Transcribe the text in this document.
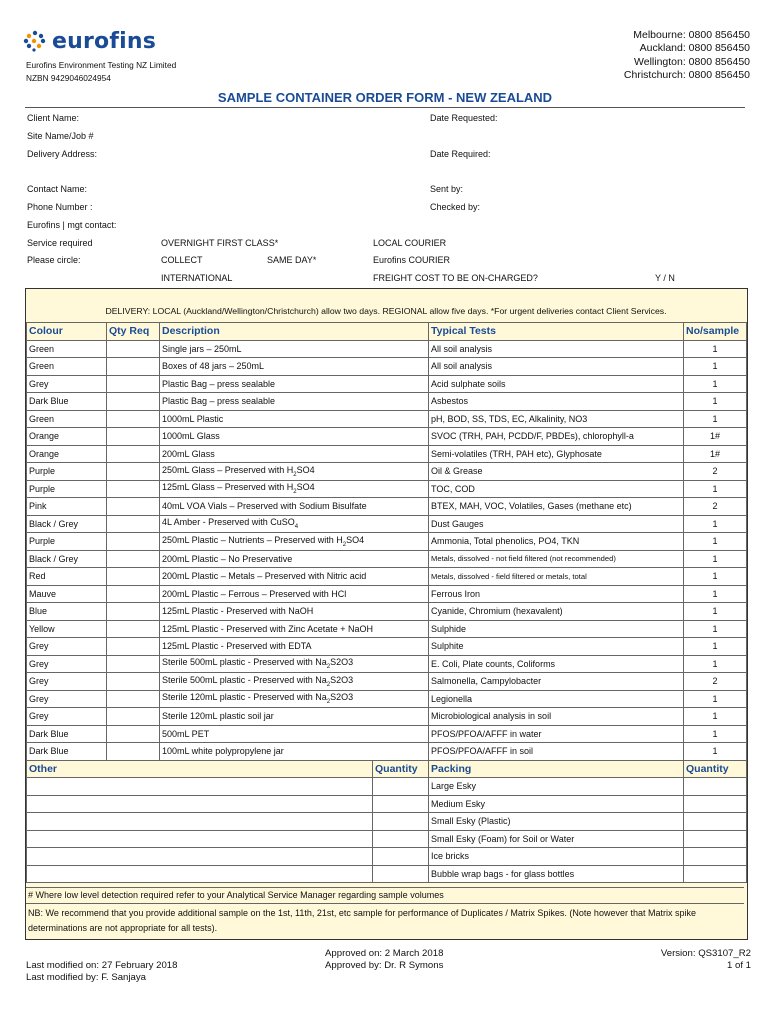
eurofins
Eurofins Environment Testing NZ Limited
NZBN 9429046024954
Melbourne: 0800 856450
Auckland: 0800 856450
Wellington: 0800 856450
Christchurch: 0800 856450
SAMPLE CONTAINER ORDER FORM - NEW ZEALAND
Client Name:
Site Name/Job #
Delivery Address:
Contact Name:
Phone Number :
Eurofins | mgt contact:
Service required
Please circle:
Date Requested:
Date Required:
Sent by:
Checked by:
OVERNIGHT FIRST CLASS*
COLLECT	SAME DAY*
INTERNATIONAL
LOCAL COURIER
Eurofins COURIER
FREIGHT COST TO BE ON-CHARGED?	Y / N
DELIVERY: LOCAL (Auckland/Wellington/Christchurch) allow two days. REGIONAL allow five days. *For urgent deliveries contact Client Services.
Colour	Qty Req	Description		Typical Tests	No/sample
Green		Single jars – 250mL		All soil analysis	1
Green		Boxes of 48 jars – 250mL		All soil analysis	1
Grey		Plastic Bag – press sealable		Acid sulphate soils	1
Dark Blue		Plastic Bag – press sealable		Asbestos	1
Green		1000mL Plastic		pH, BOD, SS, TDS, EC, Alkalinity, NO3	1
Orange		1000mL Glass		SVOC (TRH, PAH, PCDD/F, PBDEs), chlorophyll-a	1#
Orange		200mL Glass		Semi-volatiles (TRH, PAH etc), Glyphosate	1#
Purple		250mL Glass – Preserved with $H_2SO4$		Oil & Grease	2
Purple		125mL Glass – Preserved with $H_2SO4$		TOC, COD	1
Pink		40mL VOA Vials – Preserved with Sodium Bisulfate		BTEX, MAH, VOC, Volatiles, Gases (methane etc)	2
Black / Grey		4L Amber - Preserved with CuSO$_4$		Dust Gauges	1
Purple		250mL Plastic – Nutrients – Preserved with $H_2SO4$		Ammonia, Total phenolics, PO4, TKN	1
Black / Grey		200mL Plastic – No Preservative		Metals, dissolved - not field filtered (not recommended)	1
Red		200mL Plastic – Metals – Preserved with Nitric acid		Metals, dissolved - field filtered or metals, total	1
Mauve		200mL Plastic – Ferrous – Preserved with HCl		Ferrous Iron	1
Blue		125mL Plastic - Preserved with NaOH		Cyanide, Chromium (hexavalent)	1
Yellow		125mL Plastic - Preserved with Zinc Acetate + NaOH		Sulphide	1
Grey		125mL Plastic - Preserved with EDTA		Sulphite	1
Grey		Sterile 500mL plastic - Preserved with $Na_2S2O3$		E. Coli, Plate counts, Coliforms	1
Grey		Sterile 500mL plastic - Preserved with $Na_2S2O3$		Salmonella, Campylobacter	2
Grey		Sterile 120mL plastic - Preserved with $Na_2S2O3$		Legionella	1
Grey		Sterile 120mL plastic soil jar		Microbiological analysis in soil	1
Dark Blue		500mL PET		PFOS/PFOA/AFFF in water	1
Dark Blue		100mL white polypropylene jar		PFOS/PFOA/AFFF in soil	1
Other			Quantity	Packing	Quantity
				Large Esky	
				Medium Esky	
				Small Esky (Plastic)	
				Small Esky (Foam) for Soil or Water	
				Ice bricks	
				Bubble wrap bags - for glass bottles	
# Where low level detection required refer to your Analytical Service Manager regarding sample volumes
NB: We recommend that you provide additional sample on the 1st, 11th, 21st, etc sample for performance of Duplicates / Matrix Spikes. (Note however that Matrix spike determinations are not appropriate for all tests).
Last modified on: 27 February 2018
Last modified by: F. Sanjaya
Approved on: 2 March 2018
Approved by: Dr. R Symons
Version: QS3107_R2
1 of 1
